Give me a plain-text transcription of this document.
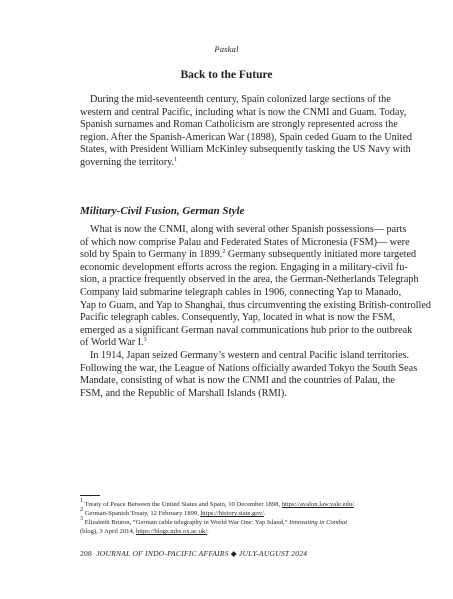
Paskal
Back to the Future
During the mid-seventeenth century, Spain colonized large sections of the
western and central Pacific, including what is now the CNMI and Guam. Today,
Spanish surnames and Roman Catholicism are strongly represented across the
region. After the Spanish-American War (1898), Spain ceded Guam to the United
States, with President William McKinley subsequently tasking the US Navy with
governing the territory.$^1$
Military-Civil Fusion, German Style
What is now the CNMI, along with several other Spanish possessions— parts
of which now comprise Palau and Federated States of Micronesia (FSM)— were
sold by Spain to Germany in 1899.$^2$ Germany subsequently initiated more targeted
economic development efforts across the region. Engaging in a military-civil fu-
sion, a practice frequently observed in the area, the German-Netherlands Telegraph
Company laid submarine telegraph cables in 1906, connecting Yap to Manado,
Yap to Guam, and Yap to Shanghai, thus circumventing the existing British-controlled
Pacific telegraph cables. Consequently, Yap, located in what is now the FSM,
emerged as a significant German naval communications hub prior to the outbreak
of World War I.$^3$
In 1914, Japan seized Germany’s western and central Pacific island territories.
Following the war, the League of Nations officially awarded Tokyo the South Seas
Mandate, consisting of what is now the CNMI and the countries of Palau, the
FSM, and the Republic of Marshall Islands (RMI).
$^1$ Treaty of Peace Between the United States and Spain, 10 December 1898, https://avalon.law.yale.edu/.
$^2$ German-Spanish Treaty, 12 February 1899, https://history.state.gov/.
$^3$ Elizabeth Bruton, “German cable telegraphy in World War One: Yap Island,” Innovating in Combat
(blog), 3 April 2014, https://blogs.mhs.ox.ac.uk/.
208 JOURNAL OF INDO-PACIFIC AFFAIRS ◆ JULY-AUGUST 2024
